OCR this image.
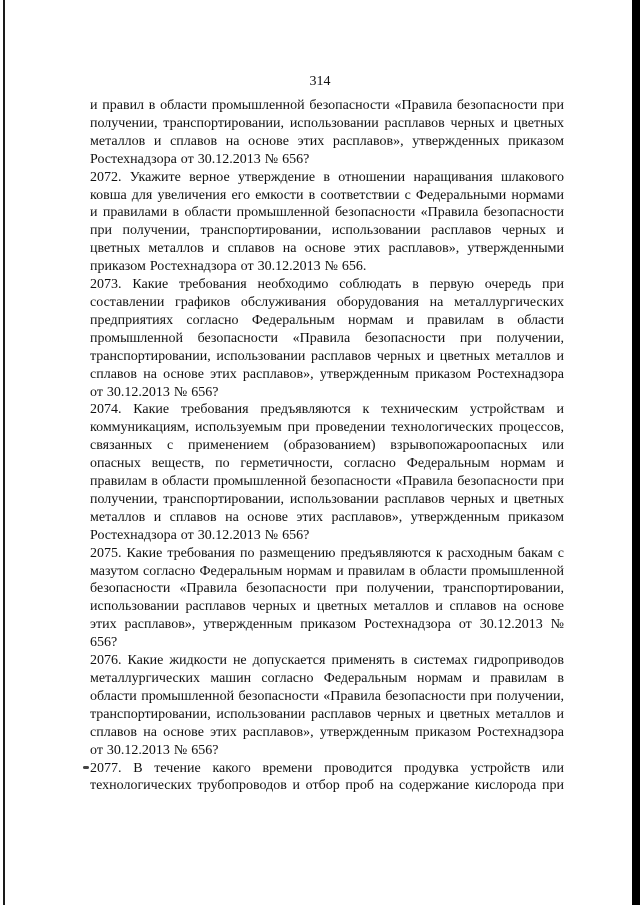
314

и правил в области промышленной безопасности «Правила безопасности при получении, транспортировании, использовании расплавов черных и цветных металлов и сплавов на основе этих расплавов», утвержденных приказом Ростехнадзора от 30.12.2013 № 656?

2072. Укажите верное утверждение в отношении наращивания шлакового ковша для увеличения его емкости в соответствии с Федеральными нормами и правилами в области промышленной безопасности «Правила безопасности при получении, транспортировании, использовании расплавов черных и цветных металлов и сплавов на основе этих расплавов», утвержденными приказом Ростехнадзора от 30.12.2013 № 656.

2073. Какие требования необходимо соблюдать в первую очередь при составлении графиков обслуживания оборудования на металлургических предприятиях согласно Федеральным нормам и правилам в области промышленной безопасности «Правила безопасности при получении, транспортировании, использовании расплавов черных и цветных металлов и сплавов на основе этих расплавов», утвержденным приказом Ростехнадзора от 30.12.2013 № 656?

2074. Какие требования предъявляются к техническим устройствам и коммуникациям, используемым при проведении технологических процессов, связанных с применением (образованием) взрывопожароопасных или опасных веществ, по герметичности, согласно Федеральным нормам и правилам в области промышленной безопасности «Правила безопасности при получении, транспортировании, использовании расплавов черных и цветных металлов и сплавов на основе этих расплавов», утвержденным приказом Ростехнадзора от 30.12.2013 № 656?

2075. Какие требования по размещению предъявляются к расходным бакам с мазутом согласно Федеральным нормам и правилам в области промышленной безопасности «Правила безопасности при получении, транспортировании, использовании расплавов черных и цветных металлов и сплавов на основе этих расплавов», утвержденным приказом Ростехнадзора от 30.12.2013 № 656?

2076. Какие жидкости не допускается применять в системах гидроприводов металлургических машин согласно Федеральным нормам и правилам в области промышленной безопасности «Правила безопасности при получении, транспортировании, использовании расплавов черных и цветных металлов и сплавов на основе этих расплавов», утвержденным приказом Ростехнадзора от 30.12.2013 № 656?

2077. В течение какого времени проводится продувка устройств или технологических трубопроводов и отбор проб на содержание кислорода при
